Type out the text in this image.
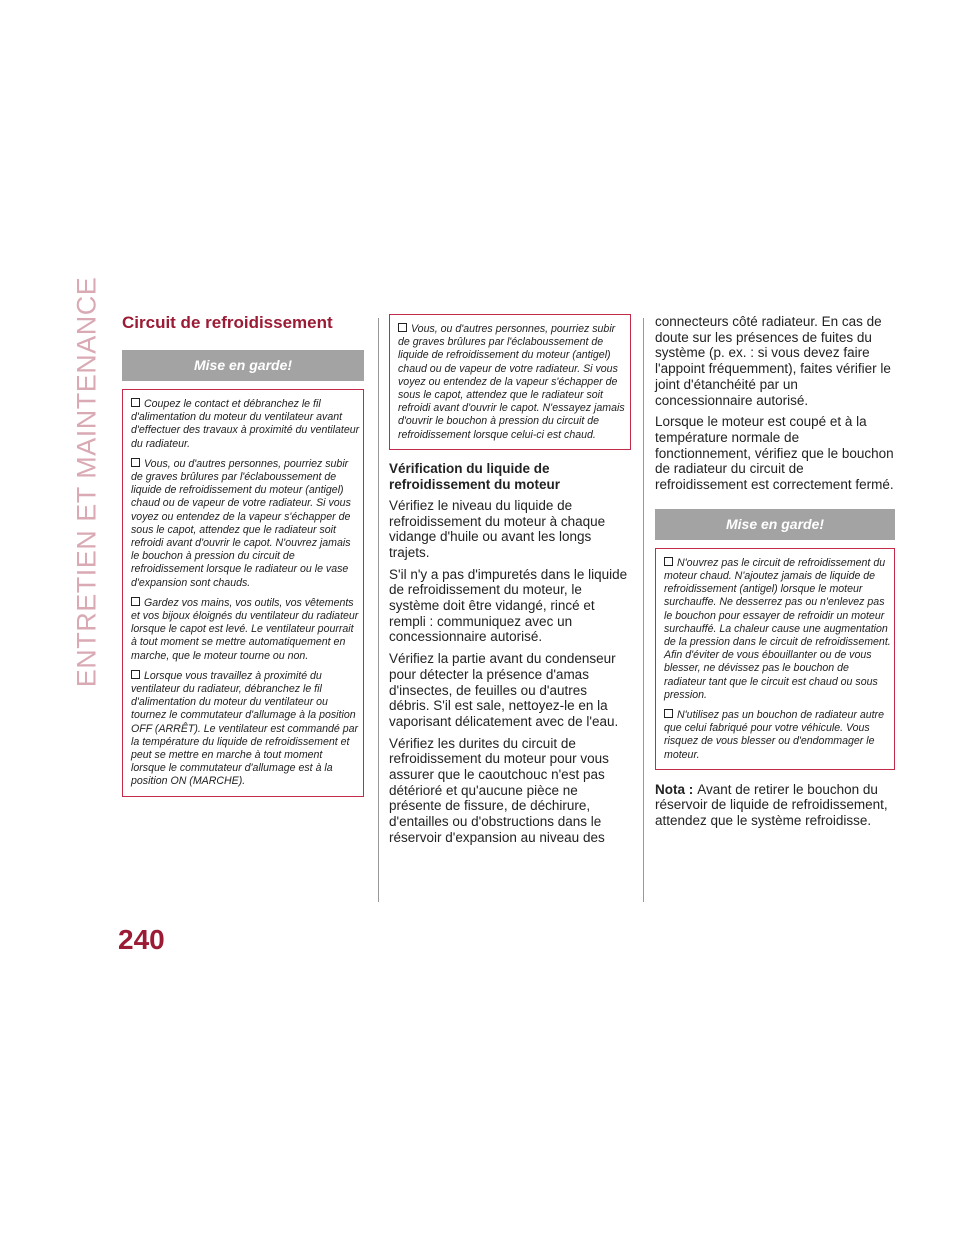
ENTRETIEN ET MAINTENANCE Circuit de refroidissement
Mise en garde!

Coupez le contact et débranchez le fil d'alimentation du moteur du ventilateur avant d'effectuer des travaux à proximité du ventilateur du radiateur.

Vous, ou d'autres personnes, pourriez subir de graves brûlures par l'éclaboussement de liquide de refroidissement du moteur (antigel) chaud ou de vapeur de votre radiateur. Si vous voyez ou entendez de la vapeur s'échapper de sous le capot, attendez que le radiateur soit refroidi avant d'ouvrir le capot. N'ouvrez jamais le bouchon à pression du circuit de refroidissement lorsque le radiateur ou le vase d'expansion sont chauds.

Gardez vos mains, vos outils, vos vêtements et vos bijoux éloignés du ventilateur du radiateur lorsque le capot est levé. Le ventilateur pourrait à tout moment se mettre automatiquement en marche, que le moteur tourne ou non.

Lorsque vous travaillez à proximité du ventilateur du radiateur, débranchez le fil d'alimentation du moteur du ventilateur ou tournez le commutateur d'allumage à la position OFF (ARRÊT). Le ventilateur est commandé par la température du liquide de refroidissement et peut se mettre en marche à tout moment lorsque le commutateur d'allumage est à la position ON (MARCHE).

Vous, ou d'autres personnes, pourriez subir de graves brûlures par l'éclaboussement de liquide de refroidissement du moteur (antigel) chaud ou de vapeur de votre radiateur. Si vous voyez ou entendez de la vapeur s'échapper de sous le capot, attendez que le radiateur soit refroidi avant d'ouvrir le capot. N'essayez jamais d'ouvrir le bouchon à pression du circuit de refroidissement lorsque celui-ci est chaud.

Vérification du liquide de refroidissement du moteur

Vérifiez le niveau du liquide de refroidissement du moteur à chaque vidange d'huile ou avant les longs trajets.

S'il n'y a pas d'impuretés dans le liquide de refroidissement du moteur, le système doit être vidangé, rincé et rempli : communiquez avec un concessionnaire autorisé.

Vérifiez la partie avant du condenseur pour détecter la présence d'amas d'insectes, de feuilles ou d'autres débris. S'il est sale, nettoyez-le en la vaporisant délicatement avec de l'eau.

Vérifiez les durites du circuit de refroidissement du moteur pour vous assurer que le caoutchouc n'est pas détérioré et qu'aucune pièce ne présente de fissure, de déchirure, d'entailles ou d'obstructions dans le réservoir d'expansion au niveau des

connecteurs côté radiateur. En cas de doute sur les présences de fuites du système (p. ex. : si vous devez faire l'appoint fréquemment), faites vérifier le joint d'étanchéité par un concessionnaire autorisé.

Lorsque le moteur est coupé et à la température normale de fonctionnement, vérifiez que le bouchon de radiateur du circuit de refroidissement est correctement fermé.

Mise en garde!

N'ouvrez pas le circuit de refroidissement du moteur chaud. N'ajoutez jamais de liquide de refroidissement (antigel) lorsque le moteur surchauffe. Ne desserrez pas ou n'enlevez pas le bouchon pour essayer de refroidir un moteur surchauffé. La chaleur cause une augmentation de la pression dans le circuit de refroidissement. Afin d'éviter de vous ébouillanter ou de vous blesser, ne dévissez pas le bouchon de radiateur tant que le circuit est chaud ou sous pression.

N'utilisez pas un bouchon de radiateur autre que celui fabriqué pour votre véhicule. Vous risquez de vous blesser ou d'endommager le moteur.

Nota : Avant de retirer le bouchon du réservoir de liquide de refroidissement, attendez que le système refroidisse.

240
